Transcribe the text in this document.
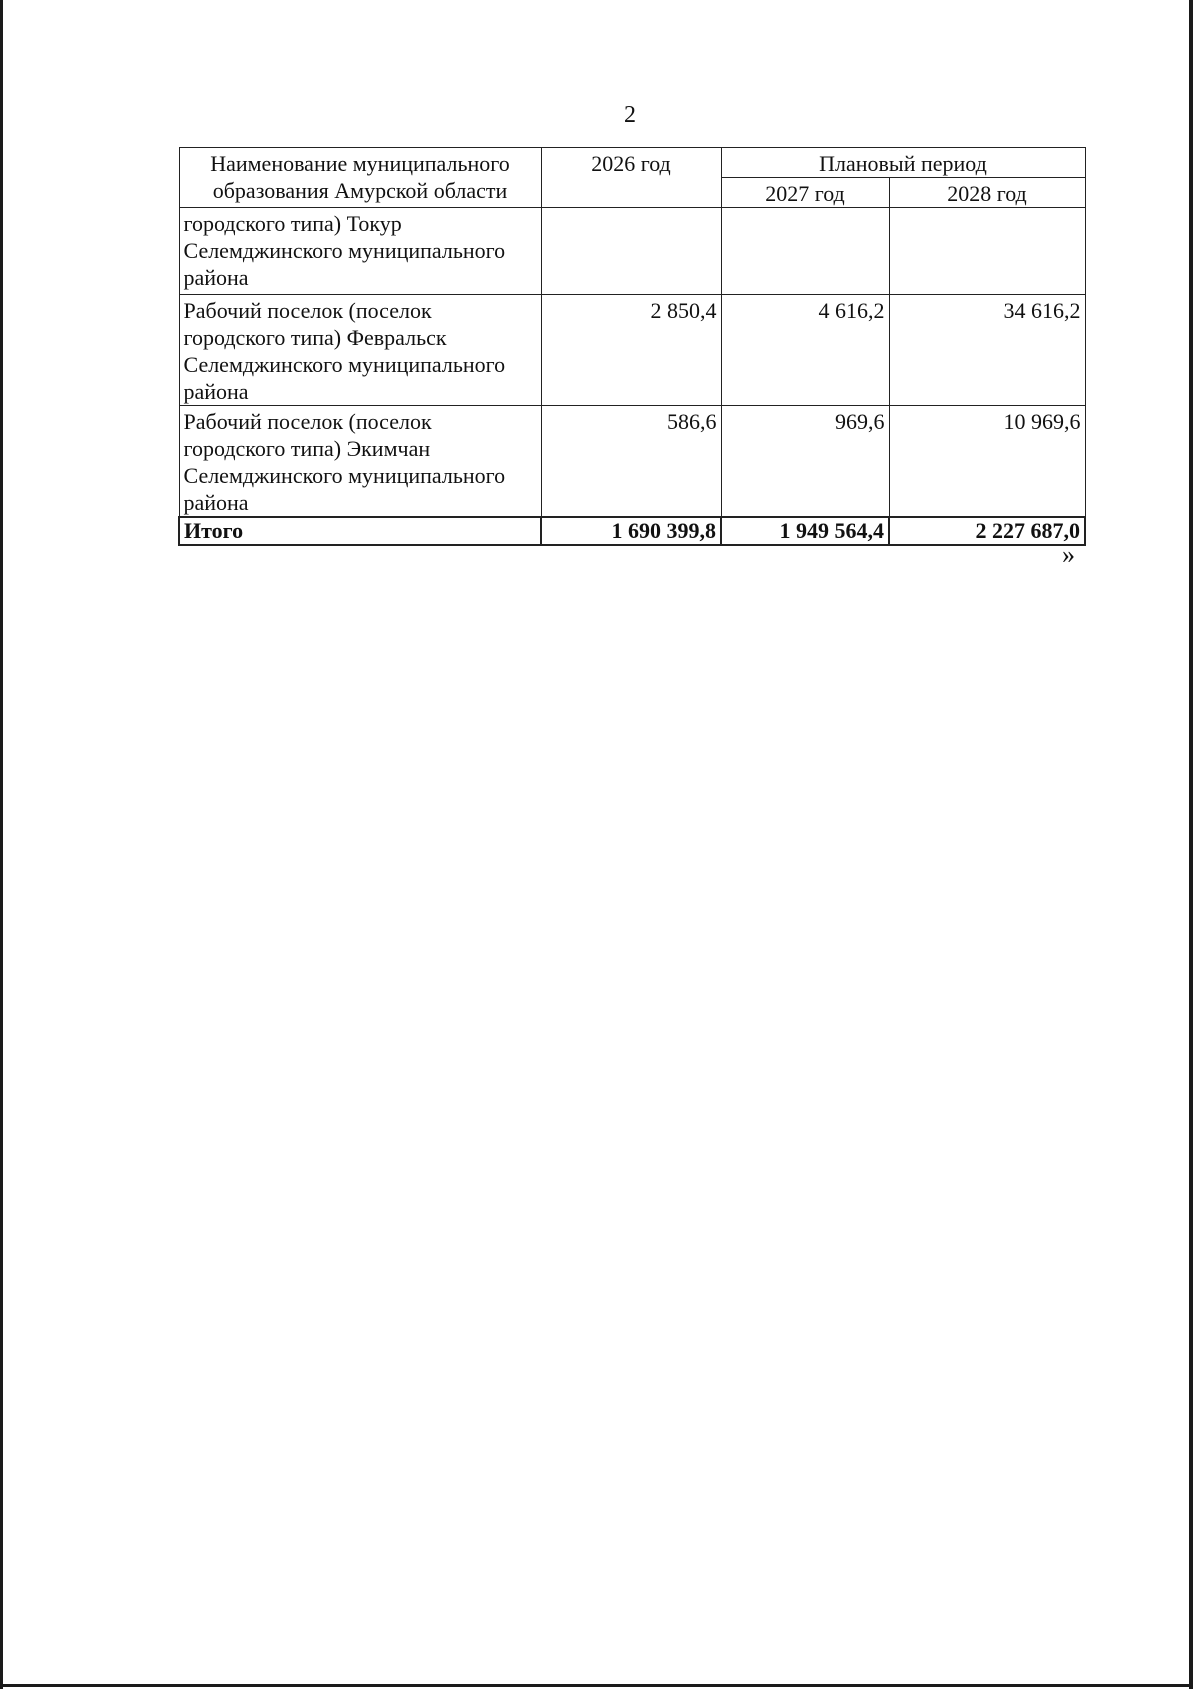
2
Наименование муниципального образования Амурской области	2026 год	Плановый период	
		2027 год	2028 год
городского типа) Токур Селемджинского муниципального района			
Рабочий поселок (поселок городского типа) Февральск Селемджинского муниципального района	2 850,4	4 616,2	34 616,2
Рабочий поселок (поселок городского типа) Экимчан Селемджинского муниципального района	586,6	969,6	10 969,6
Итого	1 690 399,8	1 949 564,4	2 227 687,0
»
